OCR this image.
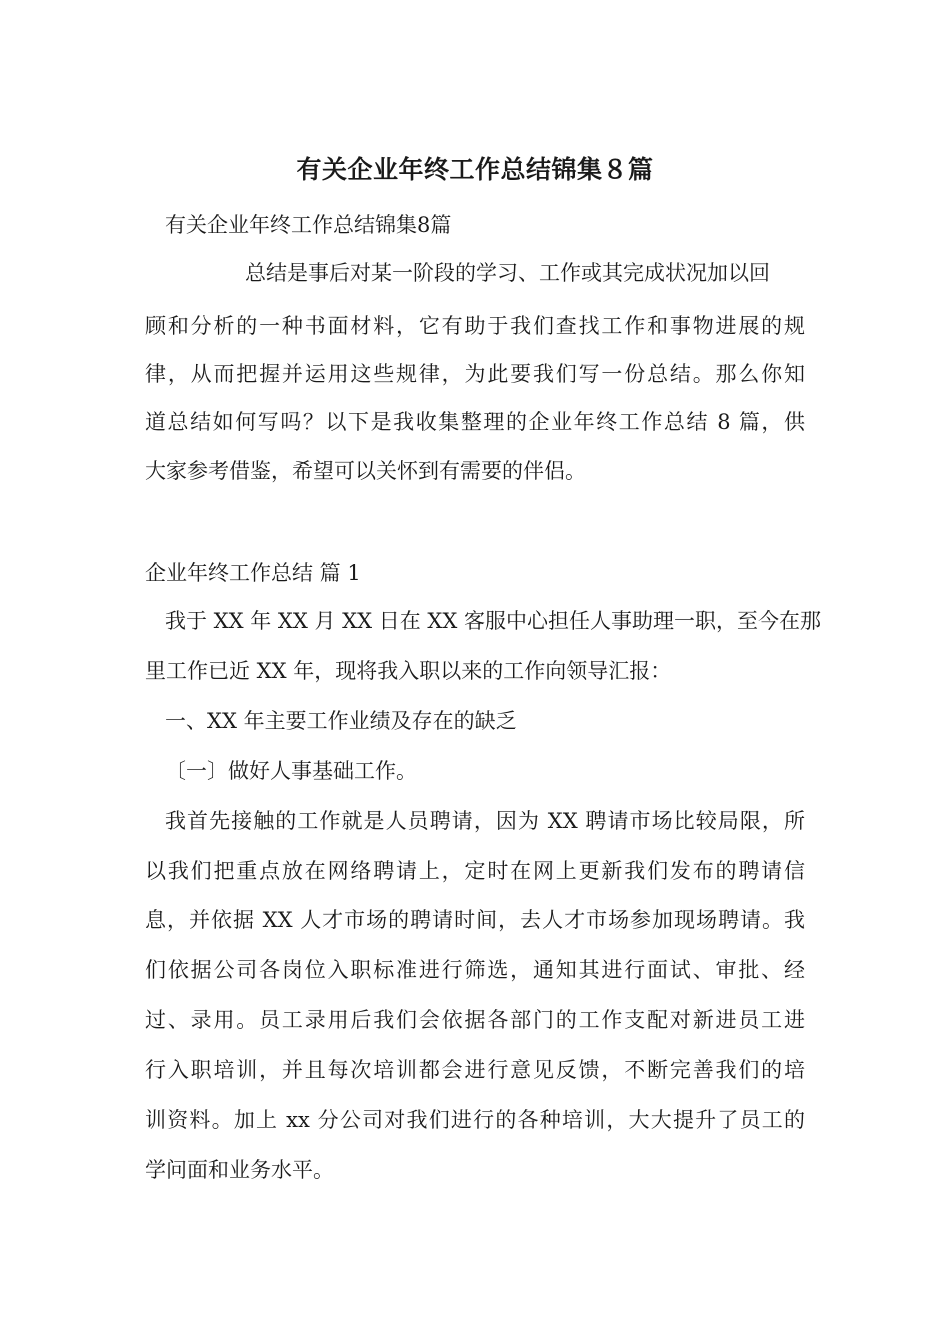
有关企业年终工作总结锦集８篇
有关企业年终工作总结锦集8篇
总结是事后对某一阶段的学习、工作或其完成状况加以回
顾和分析的一种书面材料，它有助于我们查找工作和事物进展的规
律，从而把握并运用这些规律，为此要我们写一份总结。那么你知
道总结如何写吗？以下是我收集整理的企业年终工作总结 8 篇，供
大家参考借鉴，希望可以关怀到有需要的伴侣。
企业年终工作总结 篇 1
我于 XX 年 XX 月 XX 日在 XX 客服中心担任人事助理一职，至今在那
里工作已近 XX 年，现将我入职以来的工作向领导汇报：
一、XX 年主要工作业绩及存在的缺乏
〔一〕做好人事基础工作。
我首先接触的工作就是人员聘请，因为 XX 聘请市场比较局限，所
以我们把重点放在网络聘请上，定时在网上更新我们发布的聘请信
息，并依据 XX 人才市场的聘请时间，去人才市场参加现场聘请。我
们依据公司各岗位入职标准进行筛选，通知其进行面试、审批、经
过、录用。员工录用后我们会依据各部门的工作支配对新进员工进
行入职培训，并且每次培训都会进行意见反馈，不断完善我们的培
训资料。加上 xx 分公司对我们进行的各种培训，大大提升了员工的
学问面和业务水平。
